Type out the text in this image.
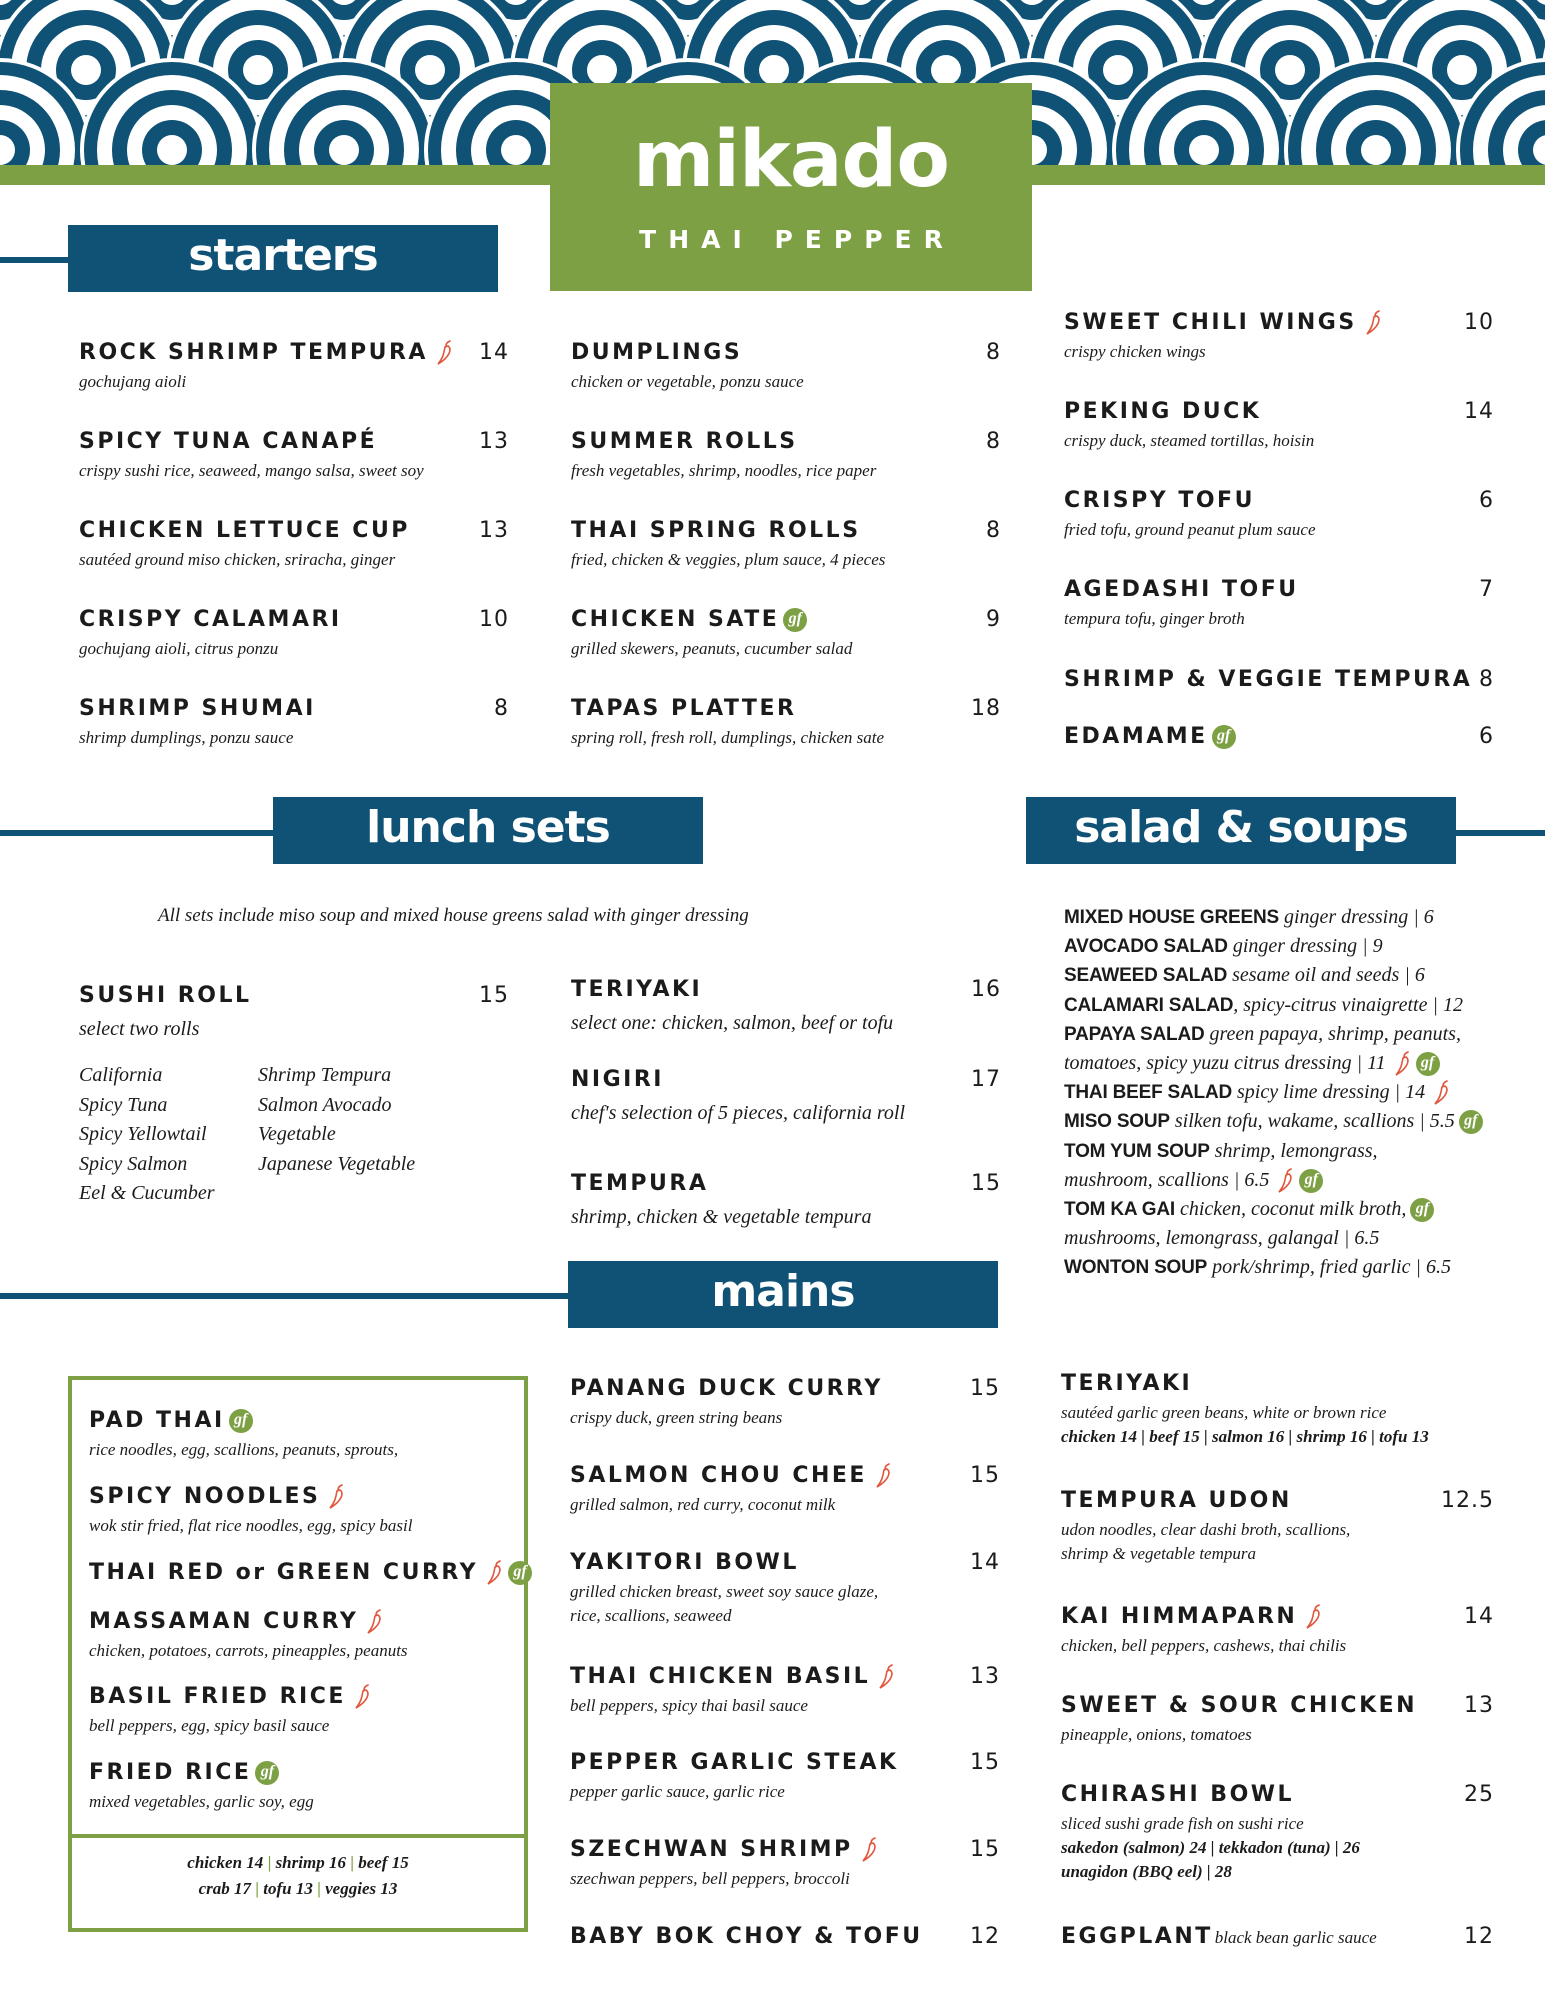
mikado
THAI PEPPER
starters
ROCK SHRIMP TEMPURA	14
gochujang aioli
SPICY TUNA CANAPÉ	13
crispy sushi rice, seaweed, mango salsa, sweet soy
CHICKEN LETTUCE CUP	13
sautéed ground miso chicken, sriracha, ginger
CRISPY CALAMARI	10
gochujang aioli, citrus ponzu
SHRIMP SHUMAI	8
shrimp dumplings, ponzu sauce
DUMPLINGS	8
chicken or vegetable, ponzu sauce
SUMMER ROLLS	8
fresh vegetables, shrimp, noodles, rice paper
THAI SPRING ROLLS	8
fried, chicken & veggies, plum sauce, 4 pieces
CHICKEN SATE gf	9
grilled skewers, peanuts, cucumber salad
TAPAS PLATTER	18
spring roll, fresh roll, dumplings, chicken sate
SWEET CHILI WINGS	10
crispy chicken wings
PEKING DUCK	14
crispy duck, steamed tortillas, hoisin
CRISPY TOFU	6
fried tofu, ground peanut plum sauce
AGEDASHI TOFU	7
tempura tofu, ginger broth
SHRIMP & VEGGIE TEMPURA 8
EDAMAME gf	6
lunch sets
All sets include miso soup and mixed house greens salad with ginger dressing
SUSHI ROLL	15
select two rolls
California
Spicy Tuna
Spicy Yellowtail
Spicy Salmon
Eel & Cucumber
Shrimp Tempura
Salmon Avocado
Vegetable
Japanese Vegetable
TERIYAKI	16
select one: chicken, salmon, beef or tofu
NIGIRI	17
chef's selection of 5 pieces, california roll
TEMPURA	15
shrimp, chicken & vegetable tempura
salad & soups
MIXED HOUSE GREENS ginger dressing | 6
AVOCADO SALAD ginger dressing | 9
SEAWEED SALAD sesame oil and seeds | 6
CALAMARI SALAD, spicy-citrus vinaigrette | 12
PAPAYA SALAD green papaya, shrimp, peanuts,
tomatoes, spicy yuzu citrus dressing | 11 gf
THAI BEEF SALAD spicy lime dressing | 14
MISO SOUP silken tofu, wakame, scallions | 5.5 gf
TOM YUM SOUP shrimp, lemongrass,
mushroom, scallions | 6.5 gf
TOM KA GAI chicken, coconut milk broth, gf
mushrooms, lemongrass, galangal | 6.5
WONTON SOUP pork/shrimp, fried garlic | 6.5
mains
PAD THAI gf
rice noodles, egg, scallions, peanuts, sprouts,
SPICY NOODLES
wok stir fried, flat rice noodles, egg, spicy basil
THAI RED or GREEN CURRY gf
MASSAMAN CURRY
chicken, potatoes, carrots, pineapples, peanuts
BASIL FRIED RICE
bell peppers, egg, spicy basil sauce
FRIED RICE gf
mixed vegetables, garlic soy, egg
chicken 14 | shrimp 16 | beef 15
crab 17 | tofu 13 | veggies 13
PANANG DUCK CURRY	15
crispy duck, green string beans
SALMON CHOU CHEE	15
grilled salmon, red curry, coconut milk
YAKITORI BOWL	14
grilled chicken breast, sweet soy sauce glaze,
rice, scallions, seaweed
THAI CHICKEN BASIL	13
bell peppers, spicy thai basil sauce
PEPPER GARLIC STEAK	15
pepper garlic sauce, garlic rice
SZECHWAN SHRIMP	15
szechwan peppers, bell peppers, broccoli
BABY BOK CHOY & TOFU	12
TERIYAKI
sautéed garlic green beans, white or brown rice
chicken 14 | beef 15 | salmon 16 | shrimp 16 | tofu 13
TEMPURA UDON	12.5
udon noodles, clear dashi broth, scallions,
shrimp & vegetable tempura
KAI HIMMAPARN	14
chicken, bell peppers, cashews, thai chilis
SWEET & SOUR CHICKEN	13
pineapple, onions, tomatoes
CHIRASHI BOWL	25
sliced sushi grade fish on sushi rice
sakedon (salmon) 24 | tekkadon (tuna) | 26
unagidon (BBQ eel) | 28
EGGPLANT black bean garlic sauce	12
